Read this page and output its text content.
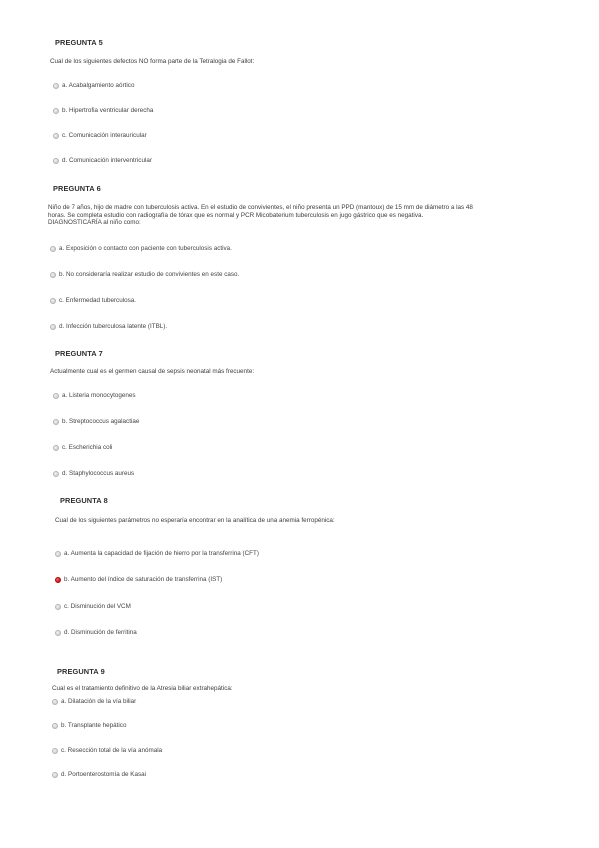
PREGUNTA 5
Cual de los siguientes defectos NO forma parte de la Tetralogia de Fallot:
a. Acabalgamiento aórtico
b. Hipertrofia ventricular derecha
c. Comunicación interauricular
d. Comunicación interventricular
PREGUNTA 6
Niño de 7 años, hijo de madre con tuberculosis activa. En el estudio de convivientes, el niño presenta un PPD (mantoux) de 15 mm de diámetro a las 48
horas. Se completa estudio con radiografía de tórax que es normal y PCR Micobaterium tuberculosis en jugo gástrico que es negativa.
DIAGNOSTICARÍA al niño como:
a. Exposición o contacto con paciente con tuberculosis activa.
b. No consideraría realizar estudio de convivientes en este caso.
c. Enfermedad tuberculosa.
d. Infección tuberculosa latente (ITBL).
PREGUNTA 7
Actualmente cual es el germen causal de sepsis neonatal más frecuente:
a. Listeria monocytogenes
b. Streptococcus agalactiae
c. Escherichia coli
d. Staphylococcus aureus
PREGUNTA 8
Cual de los siguientes parámetros no esperaría encontrar en la analítica de una anemia ferropénica:
a. Aumenta la capacidad de fijación de hierro por la transferrina (CFT)
b. Aumento del índice de saturación de transferrina (IST)
c. Disminución del VCM
d. Disminución de ferritina
PREGUNTA 9
Cual es el tratamiento definitivo de la Atresia biliar extrahepática:
a. Dilatación de la vía biliar
b. Transplante hepático
c. Resección total de la vía anómala
d. Portoenterostomía de Kasai
